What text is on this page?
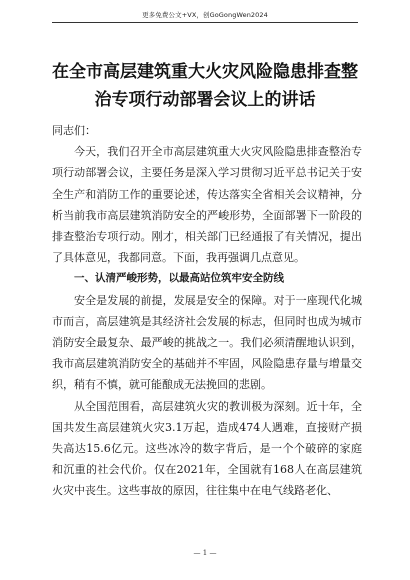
更多免费公文+VX，创GoGongWen2024
在全市高层建筑重大火灾风险隐患排查整治专项行动部署会议上的讲话

同志们：

今天，我们召开全市高层建筑重大火灾风险隐患排查整治专项行动部署会议，主要任务是深入学习贯彻习近平总书记关于安全生产和消防工作的重要论述，传达落实全省相关会议精神，分析当前我市高层建筑消防安全的严峻形势，全面部署下一阶段的排查整治专项行动。刚才，相关部门已经通报了有关情况，提出了具体意见，我都同意。下面，我再强调几点意见。

一、认清严峻形势，以最高站位筑牢安全防线

安全是发展的前提，发展是安全的保障。对于一座现代化城市而言，高层建筑是其经济社会发展的标志，但同时也成为城市消防安全最复杂、最严峻的挑战之一。我们必须清醒地认识到，我市高层建筑消防安全的基础并不牢固，风险隐患存量与增量交织，稍有不慎，就可能酿成无法挽回的悲剧。

从全国范围看，高层建筑火灾的教训极为深刻。近十年，全国共发生高层建筑火灾3.1万起，造成474人遇难，直接财产损失高达15.6亿元。这些冰冷的数字背后，是一个个破碎的家庭和沉重的社会代价。仅在2021年，全国就有168人在高层建筑火灾中丧生。这些事故的原因，往往集中在电气线路老化、

— 1 —
